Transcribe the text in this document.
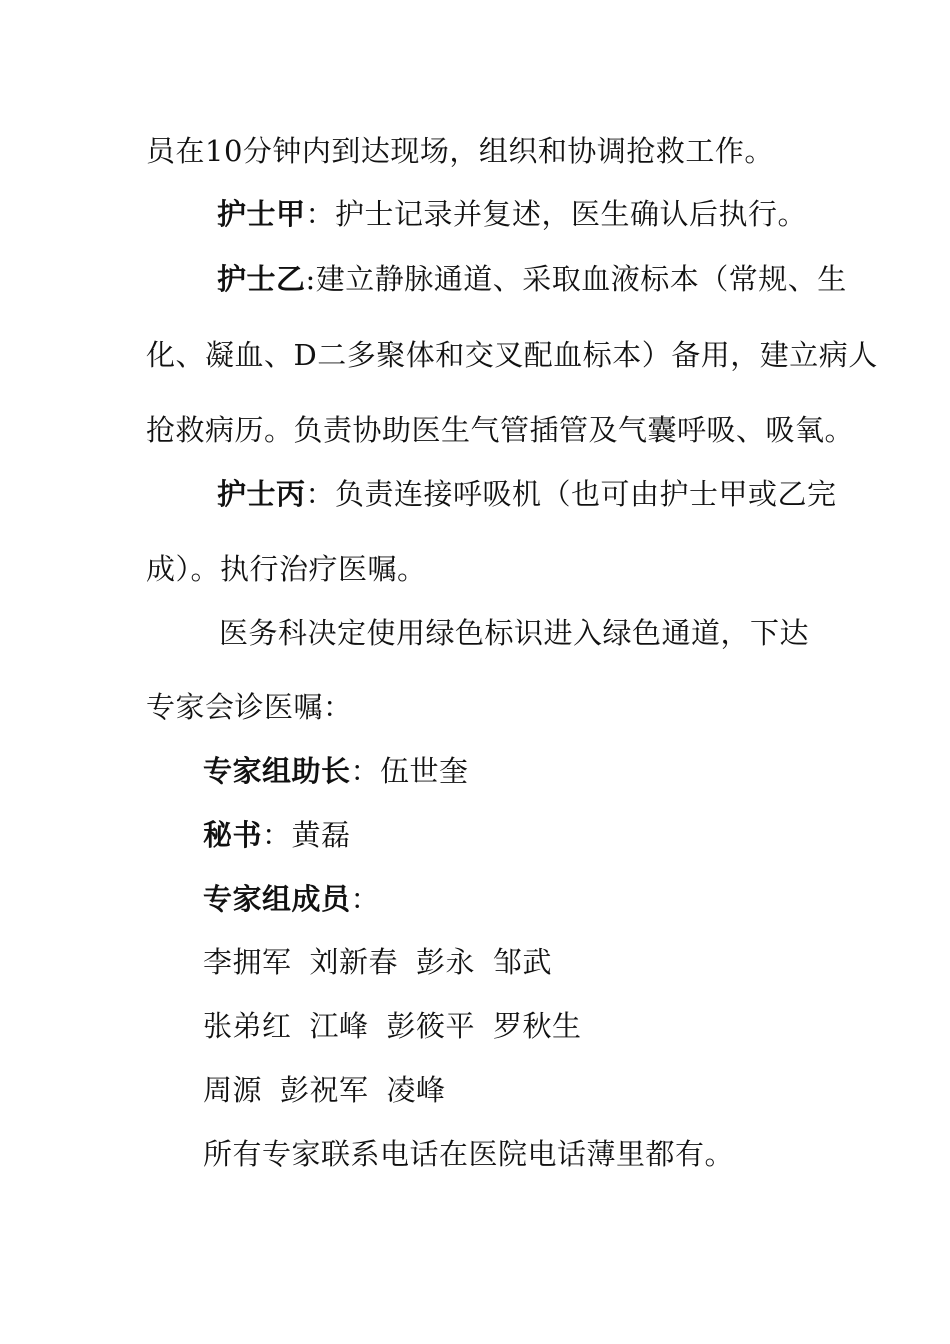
员在10分钟内到达现场，组织和协调抢救工作。
护士甲：护士记录并复述，医生确认后执行。
护士乙:建立静脉通道、采取血液标本（常规、生
化、凝血、D二多聚体和交叉配血标本）备用，建立病人
抢救病历。负责协助医生气管插管及气囊呼吸、吸氧。
护士丙：负责连接呼吸机（也可由护士甲或乙完
成）。执行治疗医嘱。
医务科决定使用绿色标识进入绿色通道，下达
专家会诊医嘱：
专家组助长：伍世奎
秘书：黄磊
专家组成员：
李拥军 刘新春 彭永 邹武
张弟红 江峰 彭筱平 罗秋生
周源 彭祝军 凌峰
所有专家联系电话在医院电话薄里都有。
